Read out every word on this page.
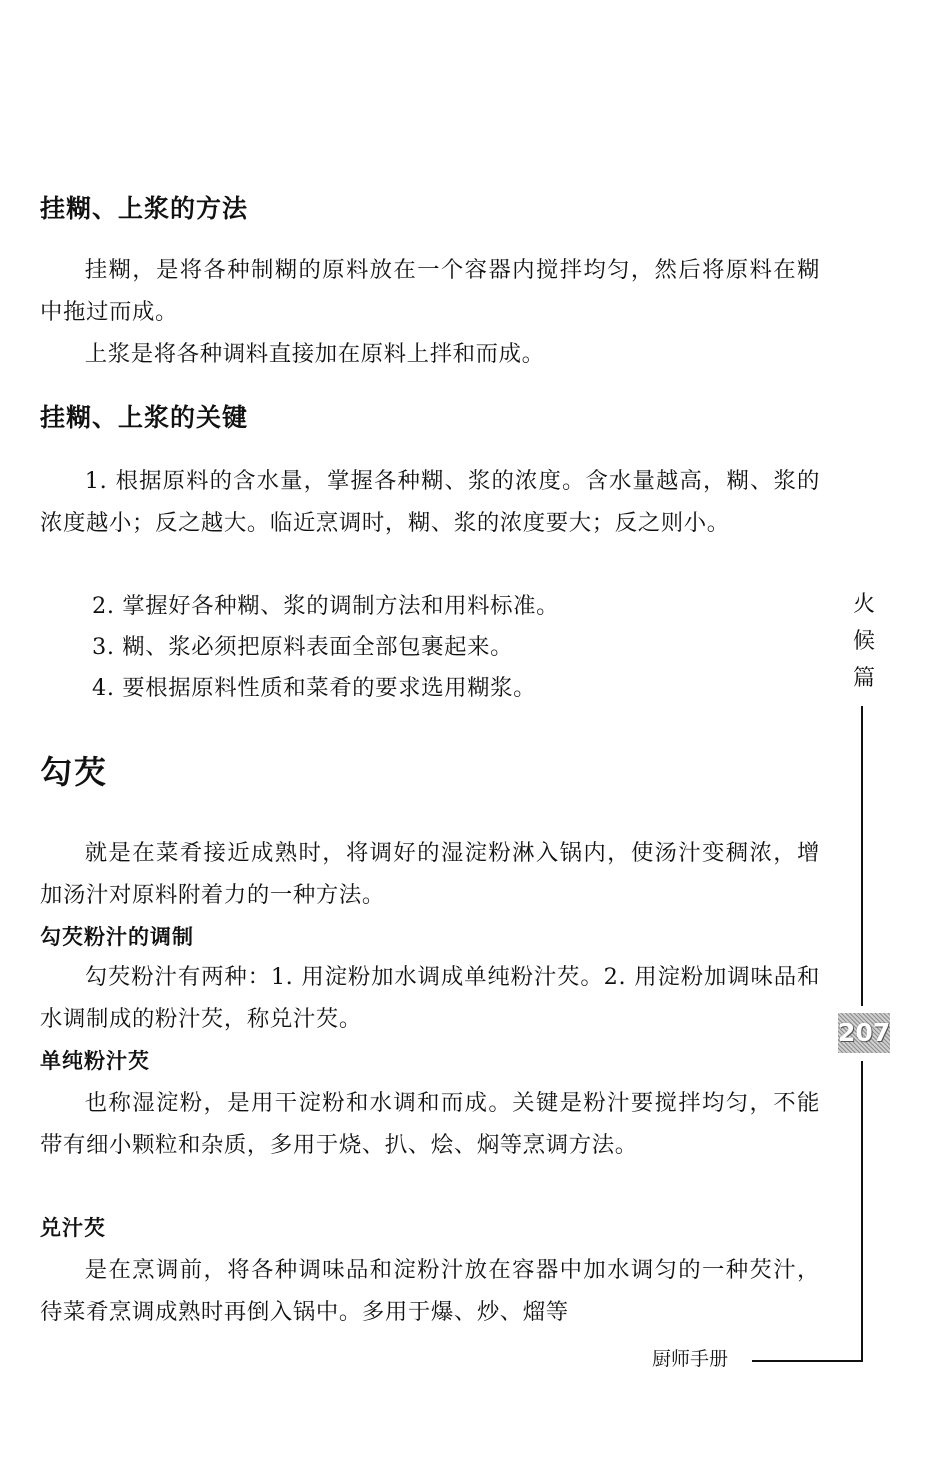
挂糊、上浆的方法
挂糊，是将各种制糊的原料放在一个容器内搅拌均匀，然后将原料在糊中拖过而成。
上浆是将各种调料直接加在原料上拌和而成。
挂糊、上浆的关键
1. 根据原料的含水量，掌握各种糊、浆的浓度。含水量越高，糊、浆的浓度越小；反之越大。临近烹调时，糊、浆的浓度要大；反之则小。
2. 掌握好各种糊、浆的调制方法和用料标准。
3. 糊、浆必须把原料表面全部包裹起来。
4. 要根据原料性质和菜肴的要求选用糊浆。
勾芡
就是在菜肴接近成熟时，将调好的湿淀粉淋入锅内，使汤汁变稠浓，增加汤汁对原料附着力的一种方法。
勾芡粉汁的调制
勾芡粉汁有两种：1. 用淀粉加水调成单纯粉汁芡。2. 用淀粉加调味品和水调制成的粉汁芡，称兑汁芡。
单纯粉汁芡
也称湿淀粉，是用干淀粉和水调和而成。关键是粉汁要搅拌均匀，不能带有细小颗粒和杂质，多用于烧、扒、烩、焖等烹调方法。
兑汁芡
是在烹调前，将各种调味品和淀粉汁放在容器中加水调匀的一种芡汁，待菜肴烹调成熟时再倒入锅中。多用于爆、炒、熘等
火
候
篇
207
厨师手册
